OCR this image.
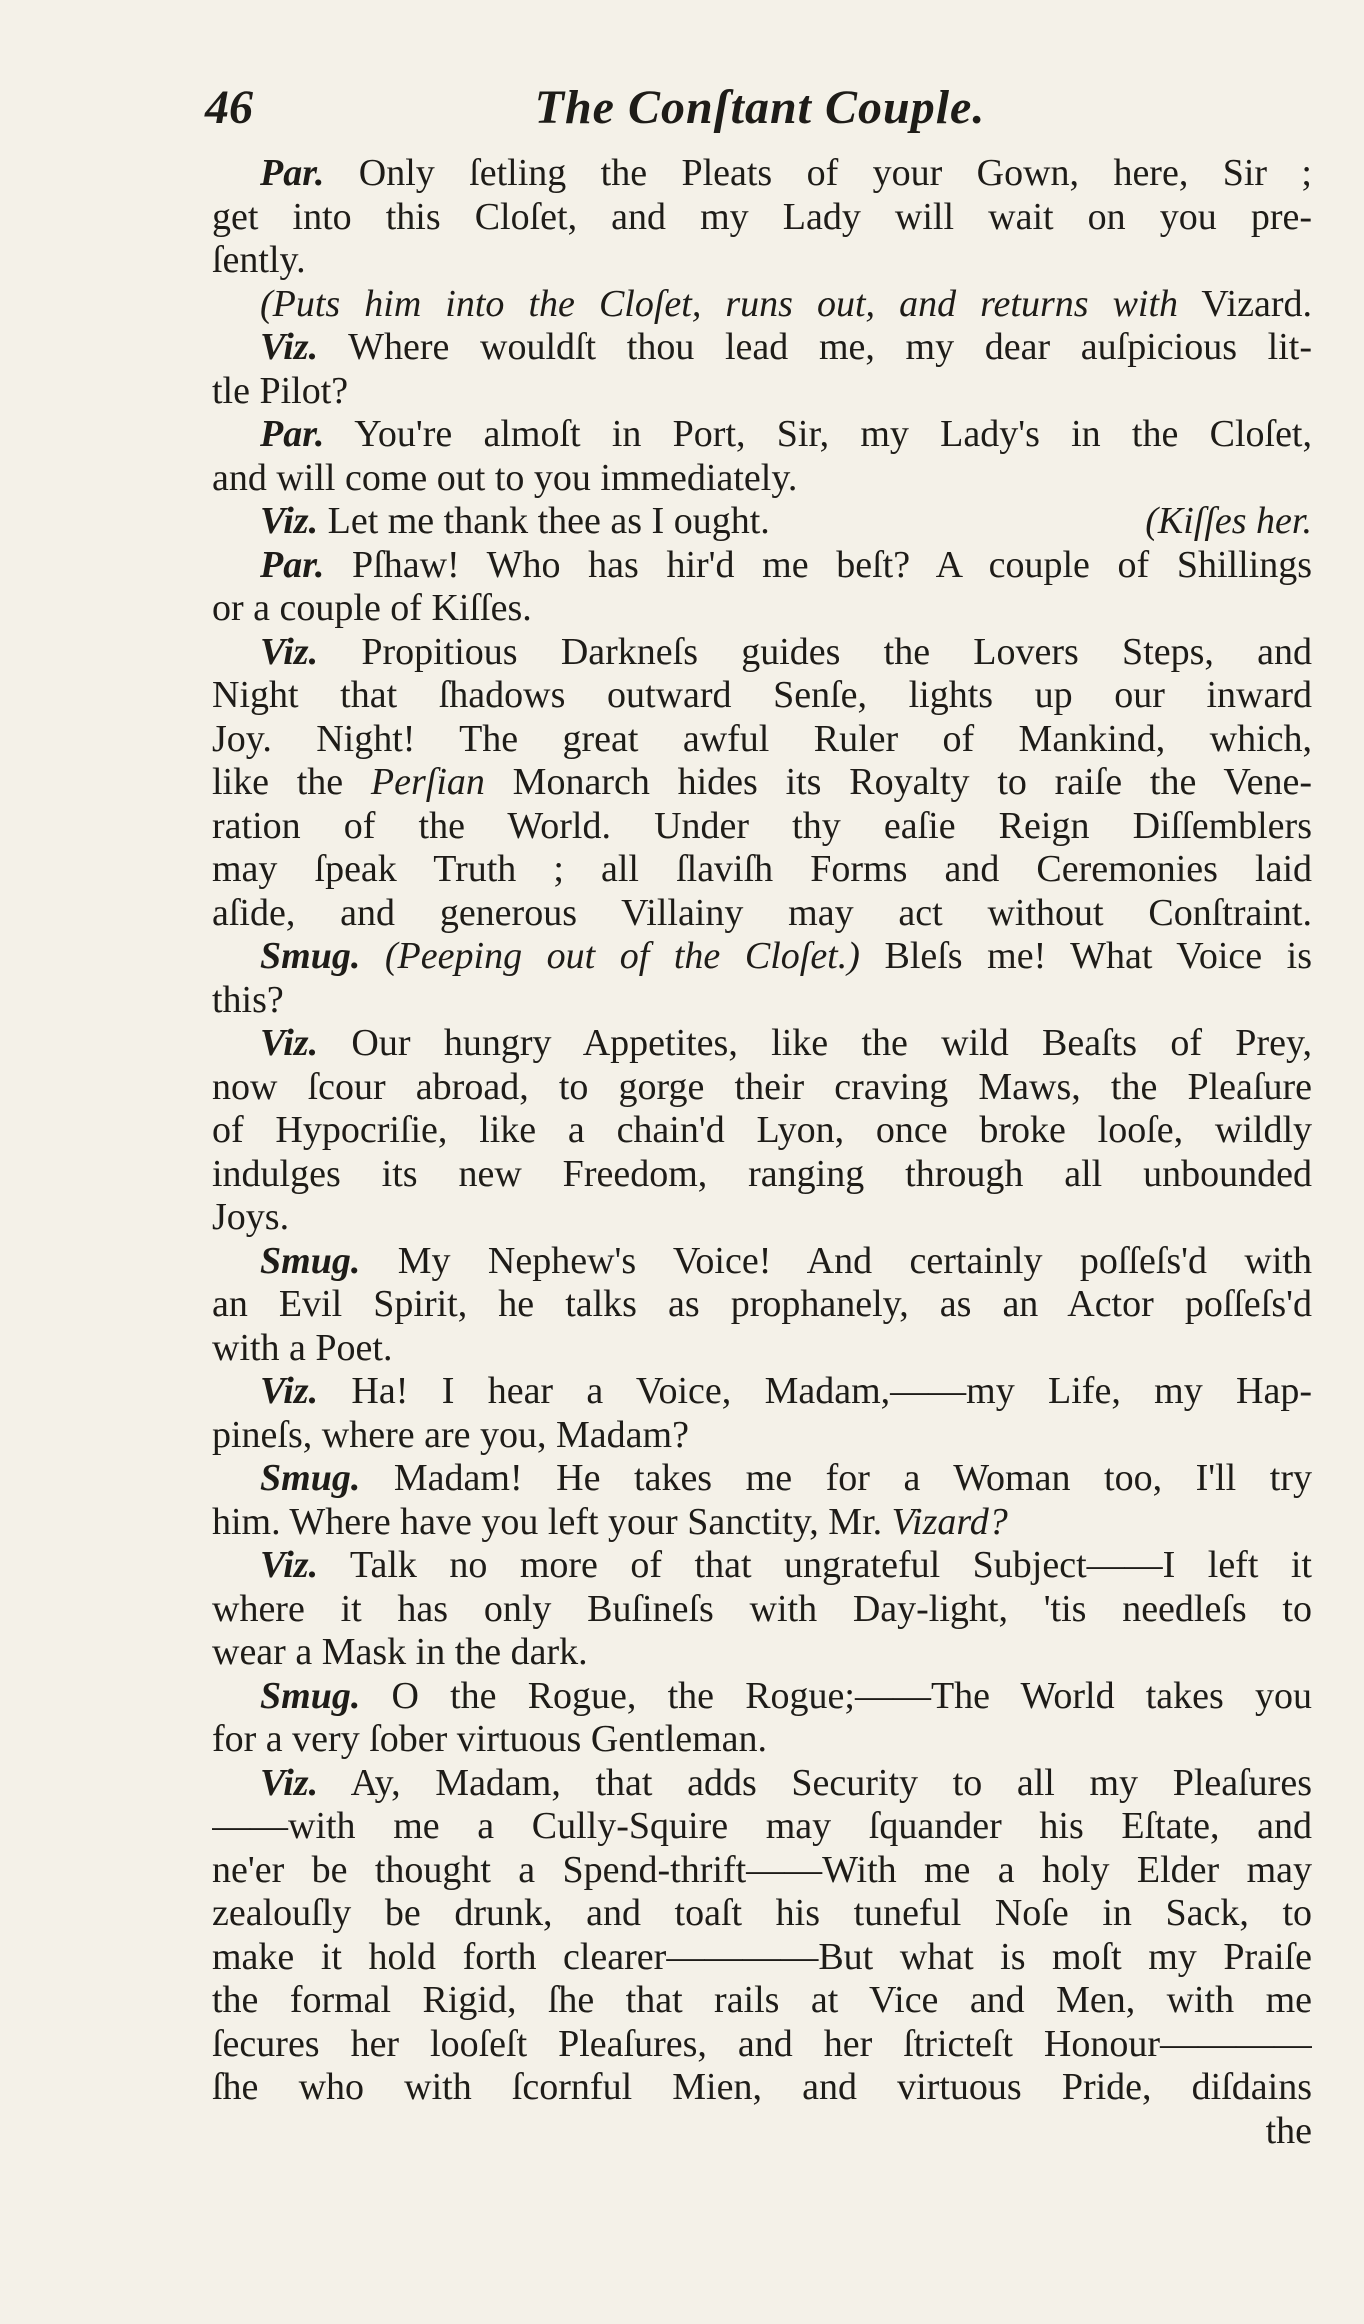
46	The Conſtant Couple.
Par. Only ſetling the Pleats of your Gown, here, Sir ;
get into this Cloſet, and my Lady will wait on you pre-
ſently.
(Puts him into the Cloſet, runs out, and returns with Vizard.
Viz. Where wouldſt thou lead me, my dear auſpicious lit-
tle Pilot?
Par. You're almoſt in Port, Sir, my Lady's in the Cloſet,
and will come out to you immediately.
Viz. Let me thank thee as I ought.	(Kiſſes her.
Par. Pſhaw! Who has hir'd me beſt? A couple of Shillings
or a couple of Kiſſes.
Viz. Propitious Darkneſs guides the Lovers Steps, and
Night that ſhadows outward Senſe, lights up our inward
Joy. Night! The great awful Ruler of Mankind, which,
like the Perſian Monarch hides its Royalty to raiſe the Vene-
ration of the World. Under thy eaſie Reign Diſſemblers
may ſpeak Truth ; all ſlaviſh Forms and Ceremonies laid
aſide, and generous Villainy may act without Conſtraint.
Smug. (Peeping out of the Cloſet.) Bleſs me! What Voice is
this?
Viz. Our hungry Appetites, like the wild Beaſts of Prey,
now ſcour abroad, to gorge their craving Maws, the Pleaſure
of Hypocriſie, like a chain'd Lyon, once broke looſe, wildly
indulges its new Freedom, ranging through all unbounded
Joys.
Smug. My Nephew's Voice! And certainly poſſeſs'd with
an Evil Spirit, he talks as prophanely, as an Actor poſſeſs'd
with a Poet.
Viz. Ha! I hear a Voice, Madam,——my Life, my Hap-
pineſs, where are you, Madam?
Smug. Madam! He takes me for a Woman too, I'll try
him. Where have you left your Sanctity, Mr. Vizard?
Viz. Talk no more of that ungrateful Subject——I left it
where it has only Buſineſs with Day-light, 'tis needleſs to
wear a Mask in the dark.
Smug. O the Rogue, the Rogue;——The World takes you
for a very ſober virtuous Gentleman.
Viz. Ay, Madam, that adds Security to all my Pleaſures
——with me a Cully-Squire may ſquander his Eſtate, and
ne'er be thought a Spend-thrift——With me a holy Elder may
zealouſly be drunk, and toaſt his tuneful Noſe in Sack, to
make it hold forth clearer————But what is moſt my Praiſe
the formal Rigid, ſhe that rails at Vice and Men, with me
ſecures her looſeſt Pleaſures, and her ſtricteſt Honour————
ſhe who with ſcornful Mien, and virtuous Pride, diſdains
the
